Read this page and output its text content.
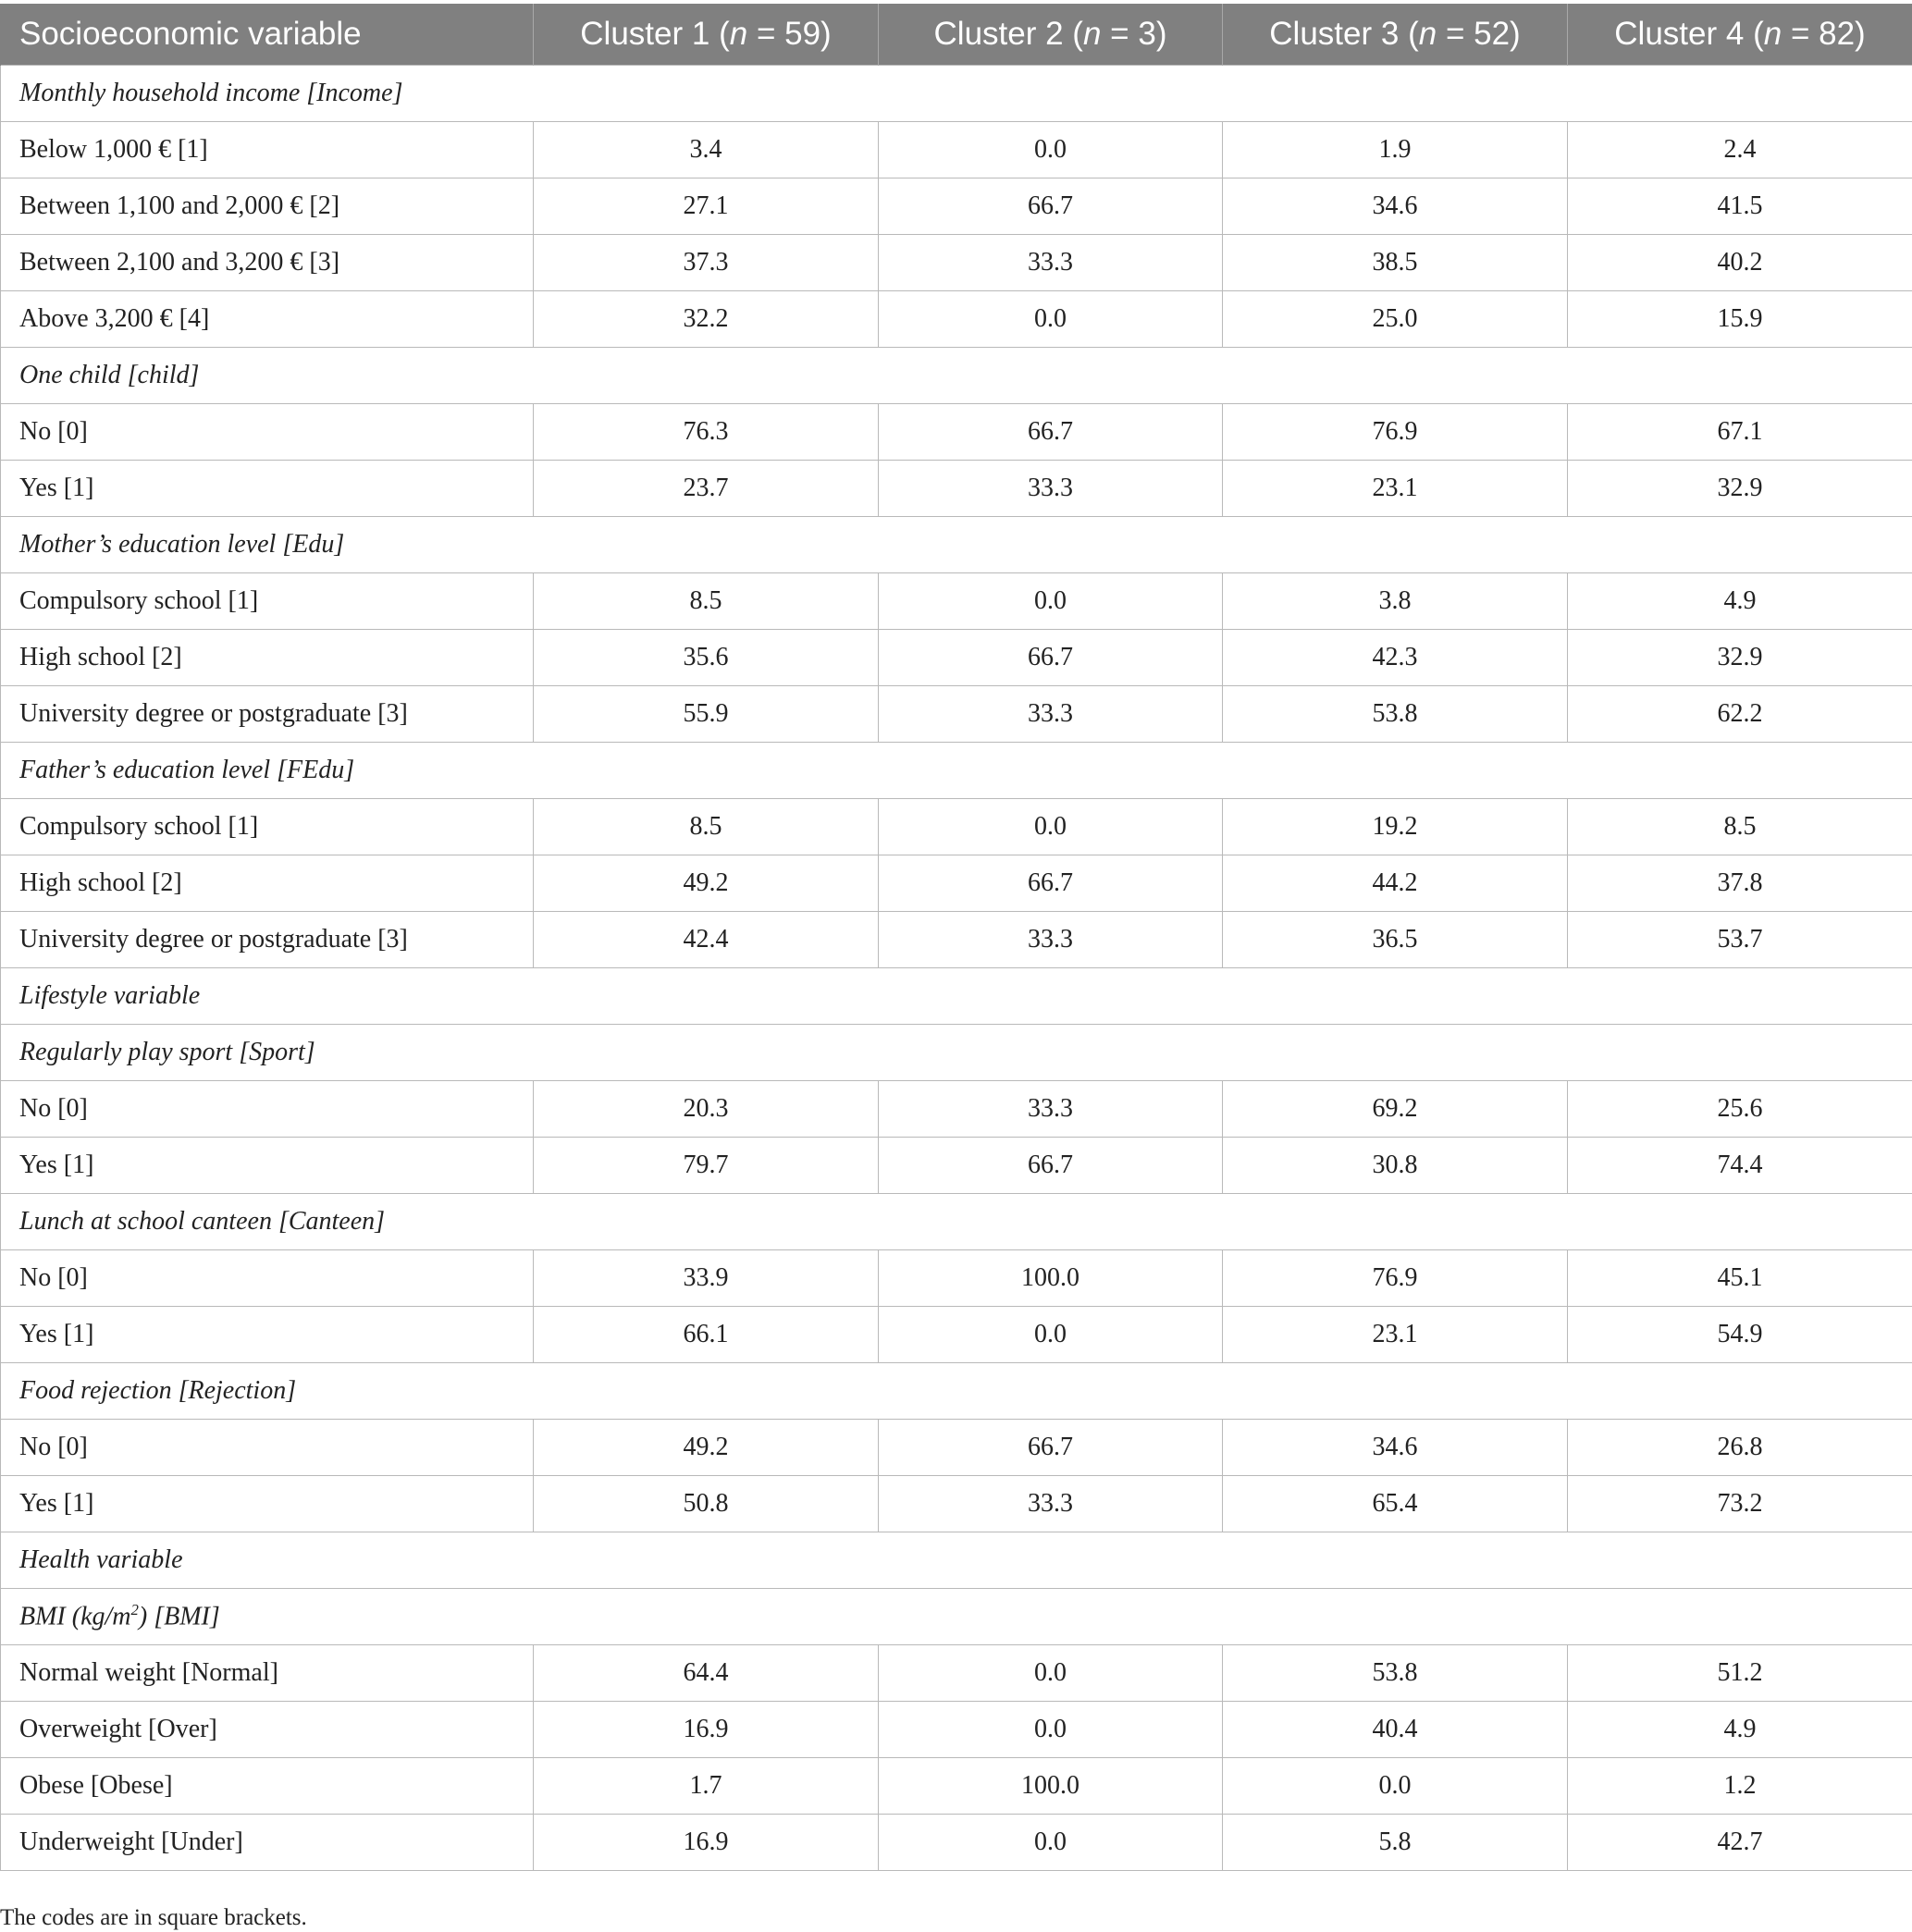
Socioeconomic variable	Cluster 1 (n = 59)	Cluster 2 (n = 3)	Cluster 3 (n = 52)	Cluster 4 (n = 82)
Monthly household income [Income]				
Below 1,000 € [1]	3.4	0.0	1.9	2.4
Between 1,100 and 2,000 € [2]	27.1	66.7	34.6	41.5
Between 2,100 and 3,200 € [3]	37.3	33.3	38.5	40.2
Above 3,200 € [4]	32.2	0.0	25.0	15.9
One child [child]				
No [0]	76.3	66.7	76.9	67.1
Yes [1]	23.7	33.3	23.1	32.9
Mother’s education level [Edu]				
Compulsory school [1]	8.5	0.0	3.8	4.9
High school [2]	35.6	66.7	42.3	32.9
University degree or postgraduate [3]	55.9	33.3	53.8	62.2
Father’s education level [FEdu]				
Compulsory school [1]	8.5	0.0	19.2	8.5
High school [2]	49.2	66.7	44.2	37.8
University degree or postgraduate [3]	42.4	33.3	36.5	53.7
Lifestyle variable				
Regularly play sport [Sport]				
No [0]	20.3	33.3	69.2	25.6
Yes [1]	79.7	66.7	30.8	74.4
Lunch at school canteen [Canteen]				
No [0]	33.9	100.0	76.9	45.1
Yes [1]	66.1	0.0	23.1	54.9
Food rejection [Rejection]				
No [0]	49.2	66.7	34.6	26.8
Yes [1]	50.8	33.3	65.4	73.2
Health variable				
BMI $(kg/m^2)$ [BMI]				
Normal weight [Normal]	64.4	0.0	53.8	51.2
Overweight [Over]	16.9	0.0	40.4	4.9
Obese [Obese]	1.7	100.0	0.0	1.2
Underweight [Under]	16.9	0.0	5.8	42.7
The codes are in square brackets.
